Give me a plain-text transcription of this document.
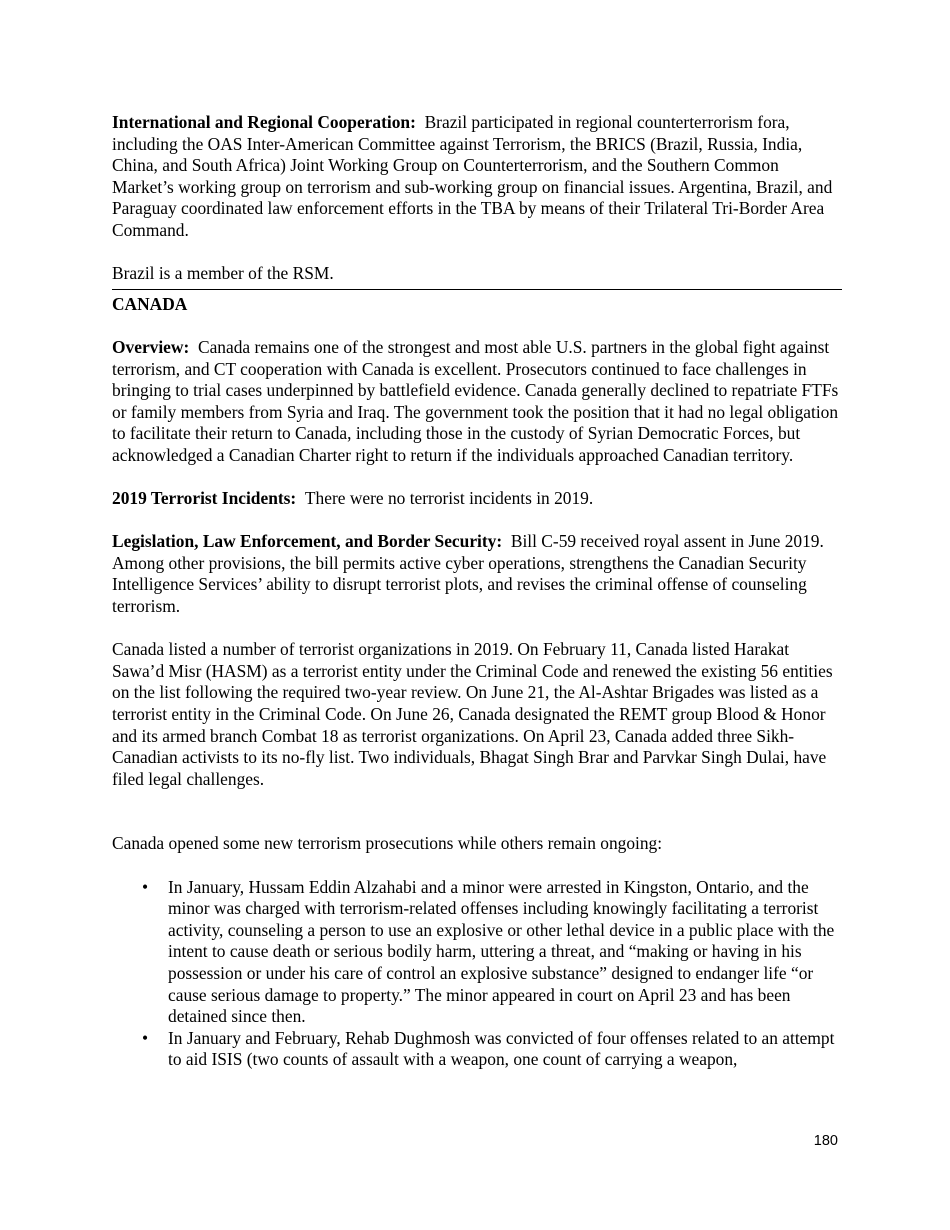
International and Regional Cooperation: Brazil participated in regional counterterrorism fora, including the OAS Inter-American Committee against Terrorism, the BRICS (Brazil, Russia, India, China, and South Africa) Joint Working Group on Counterterrorism, and the Southern Common Market’s working group on terrorism and sub-working group on financial issues. Argentina, Brazil, and Paraguay coordinated law enforcement efforts in the TBA by means of their Trilateral Tri-Border Area Command.

Brazil is a member of the RSM.

CANADA

Overview: Canada remains one of the strongest and most able U.S. partners in the global fight against terrorism, and CT cooperation with Canada is excellent. Prosecutors continued to face challenges in bringing to trial cases underpinned by battlefield evidence. Canada generally declined to repatriate FTFs or family members from Syria and Iraq. The government took the position that it had no legal obligation to facilitate their return to Canada, including those in the custody of Syrian Democratic Forces, but acknowledged a Canadian Charter right to return if the individuals approached Canadian territory.

2019 Terrorist Incidents: There were no terrorist incidents in 2019.

Legislation, Law Enforcement, and Border Security: Bill C-59 received royal assent in June 2019. Among other provisions, the bill permits active cyber operations, strengthens the Canadian Security Intelligence Services’ ability to disrupt terrorist plots, and revises the criminal offense of counseling terrorism.

Canada listed a number of terrorist organizations in 2019. On February 11, Canada listed Harakat Sawa’d Misr (HASM) as a terrorist entity under the Criminal Code and renewed the existing 56 entities on the list following the required two-year review. On June 21, the Al-Ashtar Brigades was listed as a terrorist entity in the Criminal Code. On June 26, Canada designated the REMT group Blood & Honor and its armed branch Combat 18 as terrorist organizations. On April 23, Canada added three Sikh-Canadian activists to its no-fly list. Two individuals, Bhagat Singh Brar and Parvkar Singh Dulai, have filed legal challenges.

Canada opened some new terrorism prosecutions while others remain ongoing:

• In January, Hussam Eddin Alzahabi and a minor were arrested in Kingston, Ontario, and the minor was charged with terrorism-related offenses including knowingly facilitating a terrorist activity, counseling a person to use an explosive or other lethal device in a public place with the intent to cause death or serious bodily harm, uttering a threat, and “making or having in his possession or under his care of control an explosive substance” designed to endanger life “or cause serious damage to property.” The minor appeared in court on April 23 and has been detained since then.
• In January and February, Rehab Dughmosh was convicted of four offenses related to an attempt to aid ISIS (two counts of assault with a weapon, one count of carrying a weapon,
180
